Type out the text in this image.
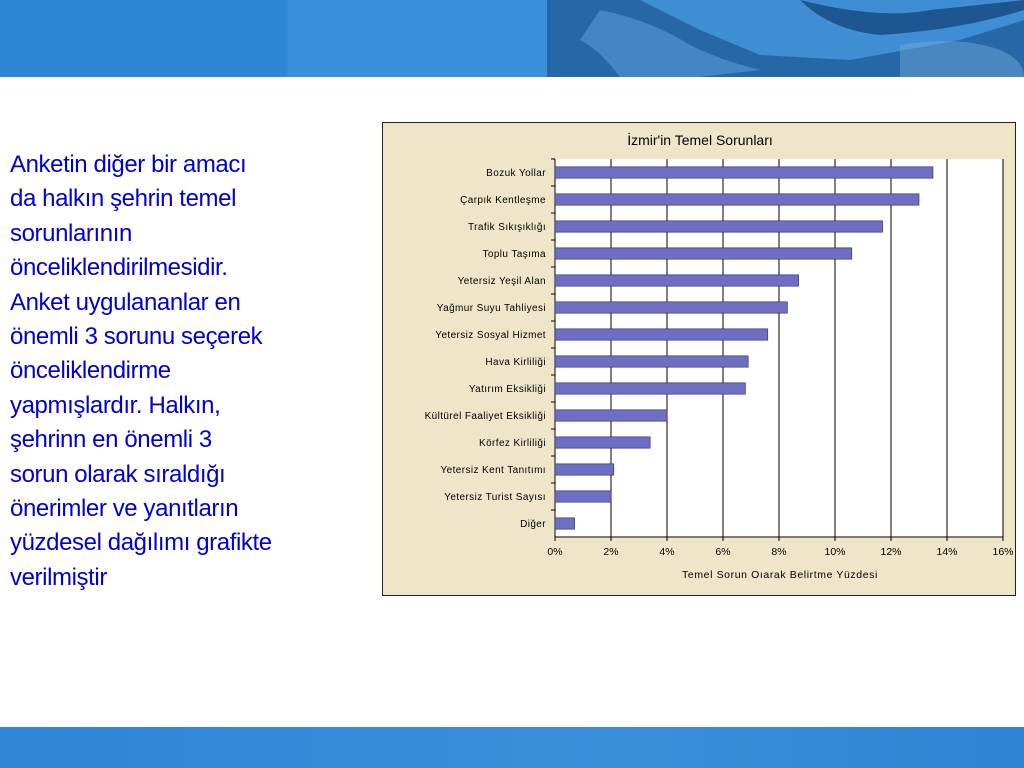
Anketin diğer bir amacı
da halkın şehrin temel
sorunlarının
önceliklendirilmesidir.
Anket uygulananlar en
önemli 3 sorunu seçerek
önceliklendirme
yapmışlardır. Halkın,
şehrinn en önemli 3
sorun olarak sıraldığı
önerimler ve yanıtların
yüzdesel dağılımı grafikte
verilmiştir

İzmir'in Temel Sorunları
0%	2%	4%	6%	8%	10%	12%	14%	16%
Bozuk Yollar
Çarpık Kentleşme
Trafik Sıkışıklığı
Toplu Taşıma
Yetersiz Yeşil Alan
Yağmur Suyu Tahliyesi
Yetersiz Sosyal Hizmet
Hava Kirliliği
Yatırım Eksikliği
Kültürel Faaliyet Eksikliği
Körfez Kirliliği
Yetersiz Kent Tanıtımı
Yetersiz Turist Sayısı
Diğer
Temel Sorun Oıarak Belirtme Yüzdesi
